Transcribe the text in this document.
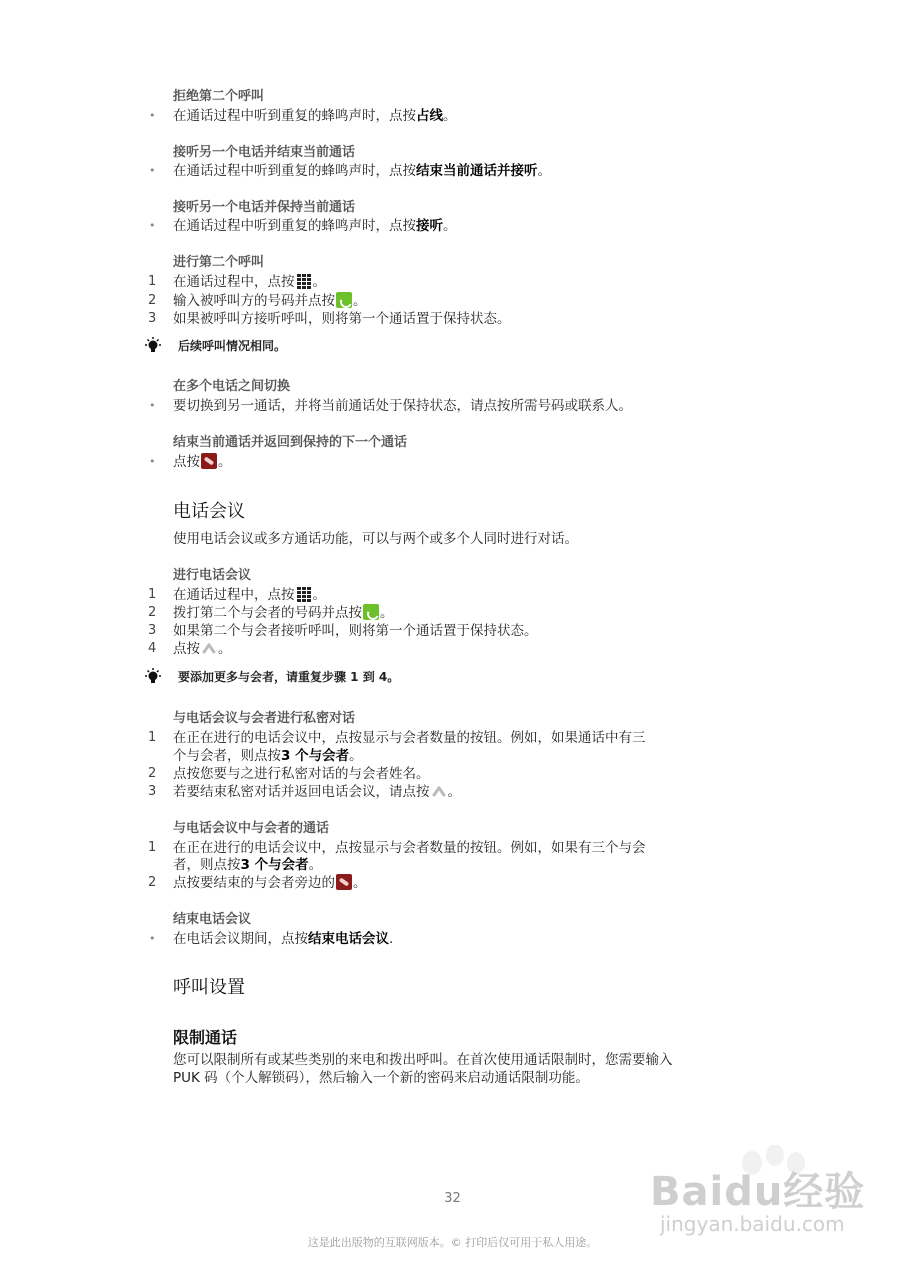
拒绝第二个呼叫
• 在通话过程中听到重复的蜂鸣声时，点按占线。
接听另一个电话并结束当前通话
• 在通话过程中听到重复的蜂鸣声时，点按结束当前通话并接听。
接听另一个电话并保持当前通话
• 在通话过程中听到重复的蜂鸣声时，点按接听。
进行第二个呼叫
1 在通话过程中，点按 。
2 输入被呼叫方的号码并点按 。
3 如果被呼叫方接听呼叫，则将第一个通话置于保持状态。
后续呼叫情况相同。
在多个电话之间切换
• 要切换到另一通话，并将当前通话处于保持状态，请点按所需号码或联系人。
结束当前通话并返回到保持的下一个通话
• 点按 。
电话会议
使用电话会议或多方通话功能，可以与两个或多个人同时进行对话。
进行电话会议
1 在通话过程中，点按 。
2 拨打第二个与会者的号码并点按 。
3 如果第二个与会者接听呼叫，则将第一个通话置于保持状态。
4 点按 。
要添加更多与会者，请重复步骤 1 到 4。
与电话会议与会者进行私密对话
1 在正在进行的电话会议中，点按显示与会者数量的按钮。例如，如果通话中有三
个与会者，则点按3 个与会者。
2 点按您要与之进行私密对话的与会者姓名。
3 若要结束私密对话并返回电话会议，请点按 。
与电话会议中与会者的通话
1 在正在进行的电话会议中，点按显示与会者数量的按钮。例如，如果有三个与会
者，则点按3 个与会者。
2 点按要结束的与会者旁边的 。
结束电话会议
• 在电话会议期间，点按结束电话会议.
呼叫设置
限制通话
您可以限制所有或某些类别的来电和拨出呼叫。在首次使用通话限制时，您需要输入
PUK 码（个人解锁码），然后输入一个新的密码来启动通话限制功能。
Baidu经验
jingyan.baidu.com
32
这是此出版物的互联网版本。© 打印后仅可用于私人用途。
